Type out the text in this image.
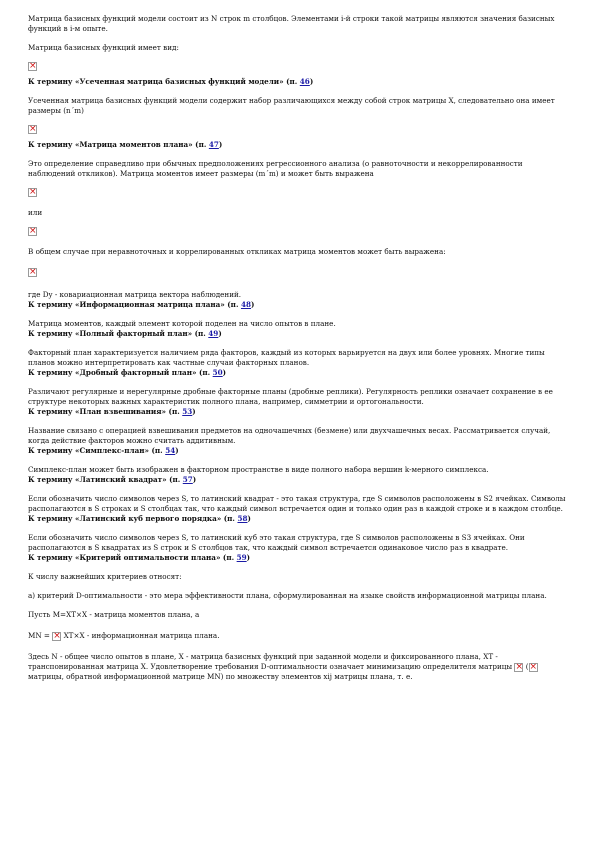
Матрица базисных функций модели состоит из N строк m столбцов. Элементами i-й строки такой матрицы являются значения базисных функций в i-м опыте.

Матрица базисных функций имеет вид:

×

К термину «Усеченная матрица базисных функций модели» (п. 46)

Усеченная матрица базисных функций модели содержит набор различающихся между собой строк матрицы X, следовательно она имеет размеры (n´m)

×

К термину «Матрица моментов плана» (п. 47)

Это определение справедливо при обычных предположениях регрессионного анализа (о равноточности и некоррелированности наблюдений откликов). Матрица моментов имеет размеры (m´m) и может быть выражена

×

или

×

В общем случае при неравноточных и коррелированных откликах матрица моментов может быть выражена:

×

где Dy - ковариационная матрица вектора наблюдений.

К термину «Информационная матрица плана» (п. 48)

Матрица моментов, каждый элемент которой поделен на число опытов в плане.

К термину «Полный факторный план» (п. 49)

Факторный план характеризуется наличием ряда факторов, каждый из которых варьируется на двух или более уровнях. Многие типы планов можно интерпретировать как частные случаи факторных планов.

К термину «Дробный факторный план» (п. 50)

Различают регулярные и нерегулярные дробные факторные планы (дробные реплики). Регулярность реплики означает сохранение в ее структуре некоторых важных характеристик полного плана, например, симметрии и ортогональности.

К термину «План взвешивания» (п. 53)

Название связано с операцией взвешивания предметов на одночашечных (безмене) или двухчашечных весах. Рассматривается случай, когда действие факторов можно считать аддитивным.

К термину «Симплекс-план» (п. 54)

Симплекс-план может быть изображен в факторном пространстве в виде полного набора вершин k-мерного симплекса.

К термину «Латинский квадрат» (п. 57)

Если обозначить число символов через S, то латинский квадрат - это такая структура, где S символов расположены в S2 ячейках. Символы располагаются в S строках и S столбцах так, что каждый символ встречается один и только один раз в каждой строке и в каждом столбце.

К термину «Латинский куб первого порядка» (п. 58)

Если обозначить число символов через S, то латинский куб это такая структура, где S символов расположены в S3 ячейках. Они располагаются в S квадратах из S строк и S столбцов так, что каждый символ встречается одинаковое число раз в квадрате.

К термину «Критерий оптимальности плана» (п. 59)

К числу важнейших критериев относят:

а) критерий D-оптимальности - это мера эффективности плана, сформулированная на языке свойств информационной матрицы плана.

Пусть M=XT×X - матрица моментов плана, а

MN = × XT×X - информационная матрица плана.

Здесь N - общее число опытов в плане, X - матрица базисных функций при заданной модели и фиксированного плана, XT - транспонированная матрица X. Удовлетворение требования D-оптимальности означает минимизацию определителя матрицы × (× матрицы, обратной информационной матрице MN) по множеству элементов xij матрицы плана, т. е.
